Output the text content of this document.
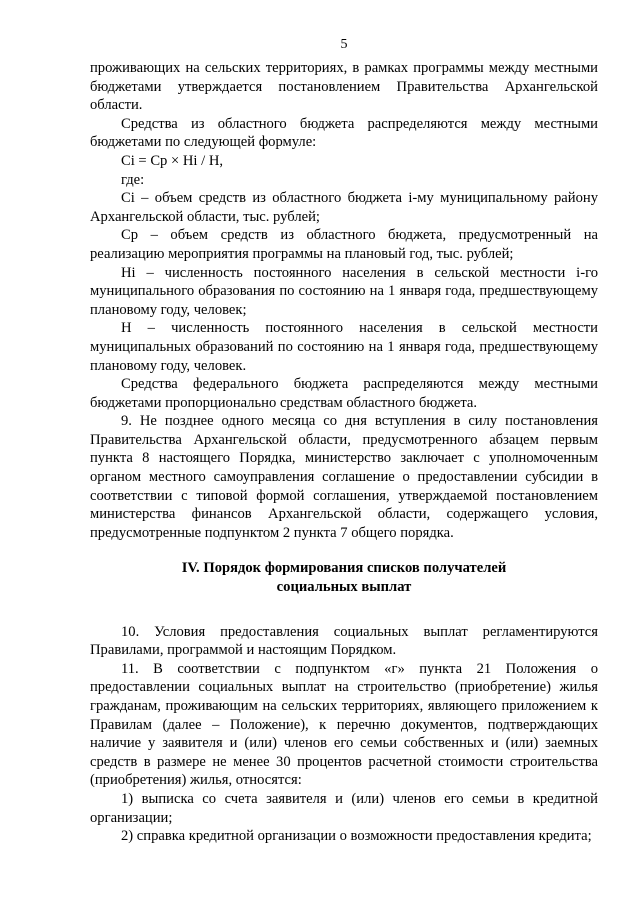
5

проживающих на сельских территориях, в рамках программы между местными бюджетами утверждается постановлением Правительства Архангельской области.

Средства из областного бюджета распределяются между местными бюджетами по следующей формуле:

Сi = Ср × Нi / Н,

где:

Сi – объем средств из областного бюджета i-му муниципальному району Архангельской области, тыс. рублей;

Ср – объем средств из областного бюджета, предусмотренный на реализацию мероприятия программы на плановый год, тыс. рублей;

Нi – численность постоянного населения в сельской местности i-го муниципального образования по состоянию на 1 января года, предшествующему плановому году, человек;

Н – численность постоянного населения в сельской местности муниципальных образований по состоянию на 1 января года, предшествующему плановому году, человек.

Средства федерального бюджета распределяются между местными бюджетами пропорционально средствам областного бюджета.

9. Не позднее одного месяца со дня вступления в силу постановления Правительства Архангельской области, предусмотренного абзацем первым пункта 8 настоящего Порядка, министерство заключает с уполномоченным органом местного самоуправления соглашение о предоставлении субсидии в соответствии с типовой формой соглашения, утверждаемой постановлением министерства финансов Архангельской области, содержащего условия, предусмотренные подпунктом 2 пункта 7 общего порядка.

IV. Порядок формирования списков получателей
социальных выплат

10. Условия предоставления социальных выплат регламентируются Правилами, программой и настоящим Порядком.

11. В соответствии с подпунктом «г» пункта 21 Положения о предоставлении социальных выплат на строительство (приобретение) жилья гражданам, проживающим на сельских территориях, являющего приложением к Правилам (далее – Положение), к перечню документов, подтверждающих наличие у заявителя и (или) членов его семьи собственных и (или) заемных средств в размере не менее 30 процентов расчетной стоимости строительства (приобретения) жилья, относятся:

1) выписка со счета заявителя и (или) членов его семьи в кредитной организации;

2) справка кредитной организации о возможности предоставления кредита;
